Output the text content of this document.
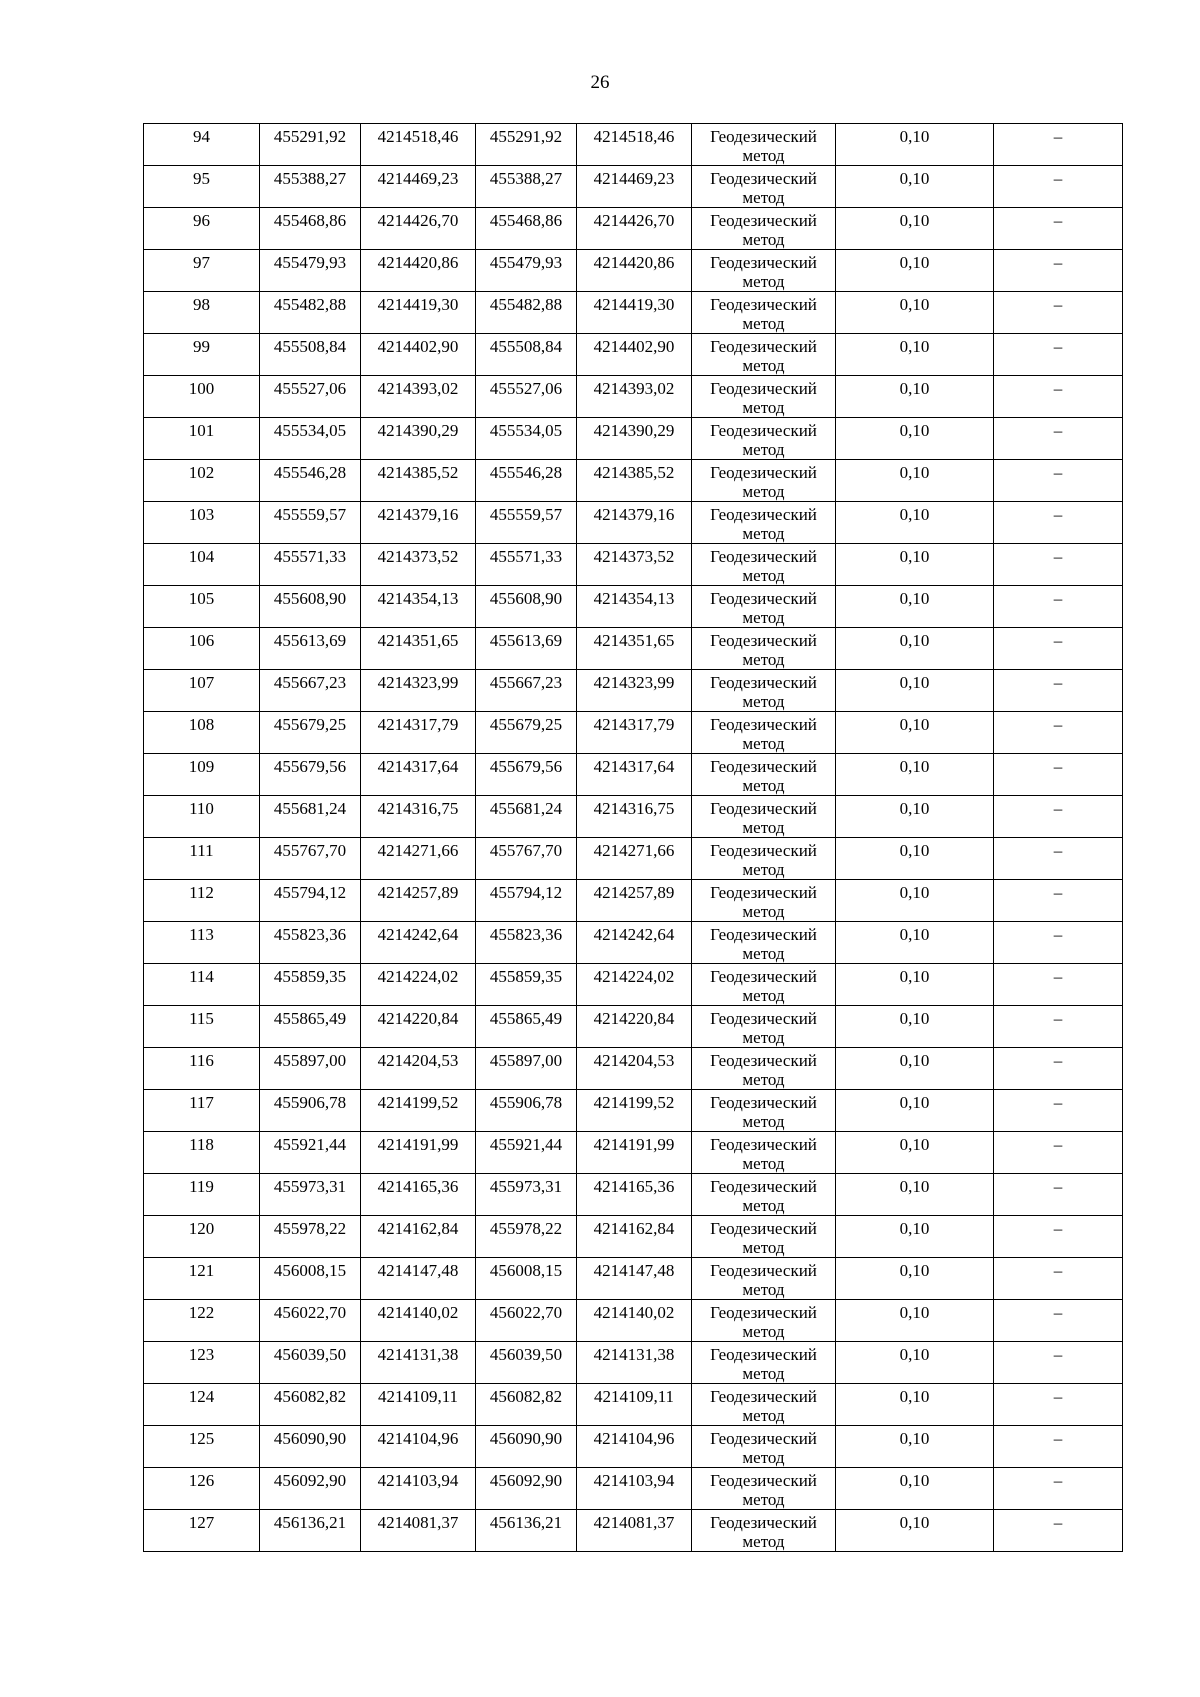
26
94	455291,92	4214518,46	455291,92	4214518,46	Геодезический
метод	0,10	–

95	455388,27	4214469,23	455388,27	4214469,23	Геодезический
метод	0,10	–

96	455468,86	4214426,70	455468,86	4214426,70	Геодезический
метод	0,10	–

97	455479,93	4214420,86	455479,93	4214420,86	Геодезический
метод	0,10	–

98	455482,88	4214419,30	455482,88	4214419,30	Геодезический
метод	0,10	–

99	455508,84	4214402,90	455508,84	4214402,90	Геодезический
метод	0,10	–

100	455527,06	4214393,02	455527,06	4214393,02	Геодезический
метод	0,10	–

101	455534,05	4214390,29	455534,05	4214390,29	Геодезический
метод	0,10	–

102	455546,28	4214385,52	455546,28	4214385,52	Геодезический
метод	0,10	–

103	455559,57	4214379,16	455559,57	4214379,16	Геодезический
метод	0,10	–

104	455571,33	4214373,52	455571,33	4214373,52	Геодезический
метод	0,10	–

105	455608,90	4214354,13	455608,90	4214354,13	Геодезический
метод	0,10	–

106	455613,69	4214351,65	455613,69	4214351,65	Геодезический
метод	0,10	–

107	455667,23	4214323,99	455667,23	4214323,99	Геодезический
метод	0,10	–

108	455679,25	4214317,79	455679,25	4214317,79	Геодезический
метод	0,10	–

109	455679,56	4214317,64	455679,56	4214317,64	Геодезический
метод	0,10	–

110	455681,24	4214316,75	455681,24	4214316,75	Геодезический
метод	0,10	–

111	455767,70	4214271,66	455767,70	4214271,66	Геодезический
метод	0,10	–

112	455794,12	4214257,89	455794,12	4214257,89	Геодезический
метод	0,10	–

113	455823,36	4214242,64	455823,36	4214242,64	Геодезический
метод	0,10	–

114	455859,35	4214224,02	455859,35	4214224,02	Геодезический
метод	0,10	–

115	455865,49	4214220,84	455865,49	4214220,84	Геодезический
метод	0,10	–

116	455897,00	4214204,53	455897,00	4214204,53	Геодезический
метод	0,10	–

117	455906,78	4214199,52	455906,78	4214199,52	Геодезический
метод	0,10	–

118	455921,44	4214191,99	455921,44	4214191,99	Геодезический
метод	0,10	–

119	455973,31	4214165,36	455973,31	4214165,36	Геодезический
метод	0,10	–

120	455978,22	4214162,84	455978,22	4214162,84	Геодезический
метод	0,10	–

121	456008,15	4214147,48	456008,15	4214147,48	Геодезический
метод	0,10	–

122	456022,70	4214140,02	456022,70	4214140,02	Геодезический
метод	0,10	–

123	456039,50	4214131,38	456039,50	4214131,38	Геодезический
метод	0,10	–

124	456082,82	4214109,11	456082,82	4214109,11	Геодезический
метод	0,10	–

125	456090,90	4214104,96	456090,90	4214104,96	Геодезический
метод	0,10	–

126	456092,90	4214103,94	456092,90	4214103,94	Геодезический
метод	0,10	–

127	456136,21	4214081,37	456136,21	4214081,37	Геодезический
метод	0,10	–
